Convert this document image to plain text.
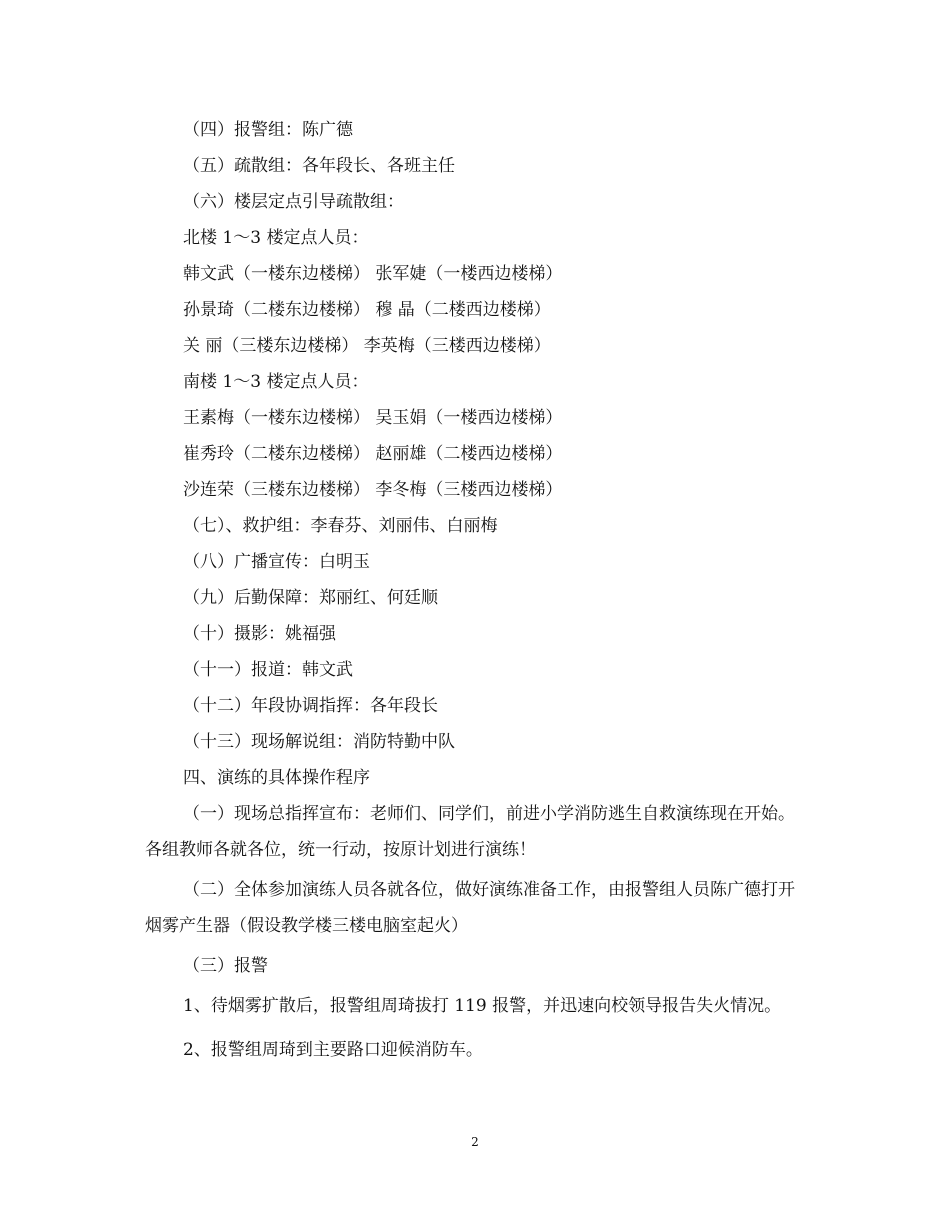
（四）报警组：陈广德

（五）疏散组：各年段长、各班主任

（六）楼层定点引导疏散组：

北楼 1～3 楼定点人员：

韩文武（一楼东边楼梯） 张军婕（一楼西边楼梯）

孙景琦（二楼东边楼梯） 穆 晶（二楼西边楼梯）

关 丽（三楼东边楼梯） 李英梅（三楼西边楼梯）

南楼 1～3 楼定点人员：

王素梅（一楼东边楼梯） 吴玉娟（一楼西边楼梯）

崔秀玲（二楼东边楼梯） 赵丽雄（二楼西边楼梯）

沙连荣（三楼东边楼梯） 李冬梅（三楼西边楼梯）

（七）、救护组：李春芬、刘丽伟、白丽梅

（八）广播宣传：白明玉

（九）后勤保障：郑丽红、何廷顺

（十）摄影：姚福强

（十一）报道：韩文武

（十二）年段协调指挥：各年段长

（十三）现场解说组：消防特勤中队

四、演练的具体操作程序

（一）现场总指挥宣布：老师们、同学们，前进小学消防逃生自救演练现在开始。各组教师各就各位，统一行动，按原计划进行演练！

（二）全体参加演练人员各就各位，做好演练准备工作，由报警组人员陈广德打开烟雾产生器（假设教学楼三楼电脑室起火）

（三）报警

1、待烟雾扩散后，报警组周琦拔打 119 报警，并迅速向校领导报告失火情况。

2、报警组周琦到主要路口迎候消防车。

2
